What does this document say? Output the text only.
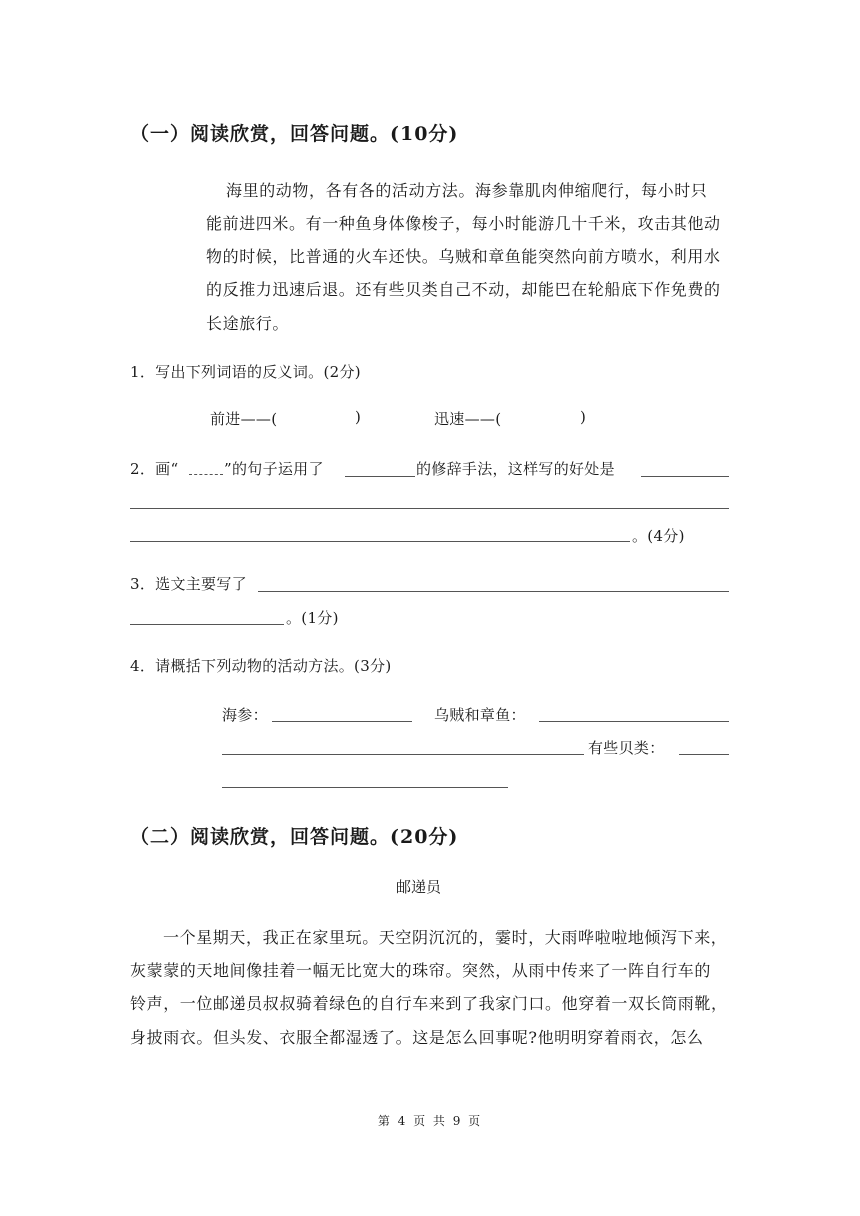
（一）阅读欣赏，回答问题。(10分)
海里的动物，各有各的活动方法。海参靠肌肉伸缩爬行，每小时只
能前进四米。有一种鱼身体像梭子，每小时能游几十千米，攻击其他动
物的时候，比普通的火车还快。乌贼和章鱼能突然向前方喷水，利用水
的反推力迅速后退。还有些贝类自己不动，却能巴在轮船底下作免费的
长途旅行。
1．写出下列词语的反义词。(2分)
前进——(	)	迅速——(	)
2．画“	”的句子运用了	的修辞手法，这样写的好处是
。(4分)
3．选文主要写了
。(1分)
4．请概括下列动物的活动方法。(3分)
海参：	乌贼和章鱼：
有些贝类：
（二）阅读欣赏，回答问题。(20分)
邮递员
一个星期天，我正在家里玩。天空阴沉沉的，霎时，大雨哗啦啦地倾泻下来，
灰蒙蒙的天地间像挂着一幅无比宽大的珠帘。突然，从雨中传来了一阵自行车的
铃声，一位邮递员叔叔骑着绿色的自行车来到了我家门口。他穿着一双长筒雨靴，
身披雨衣。但头发、衣服全都湿透了。这是怎么回事呢?他明明穿着雨衣，怎么
第 4 页 共 9 页
